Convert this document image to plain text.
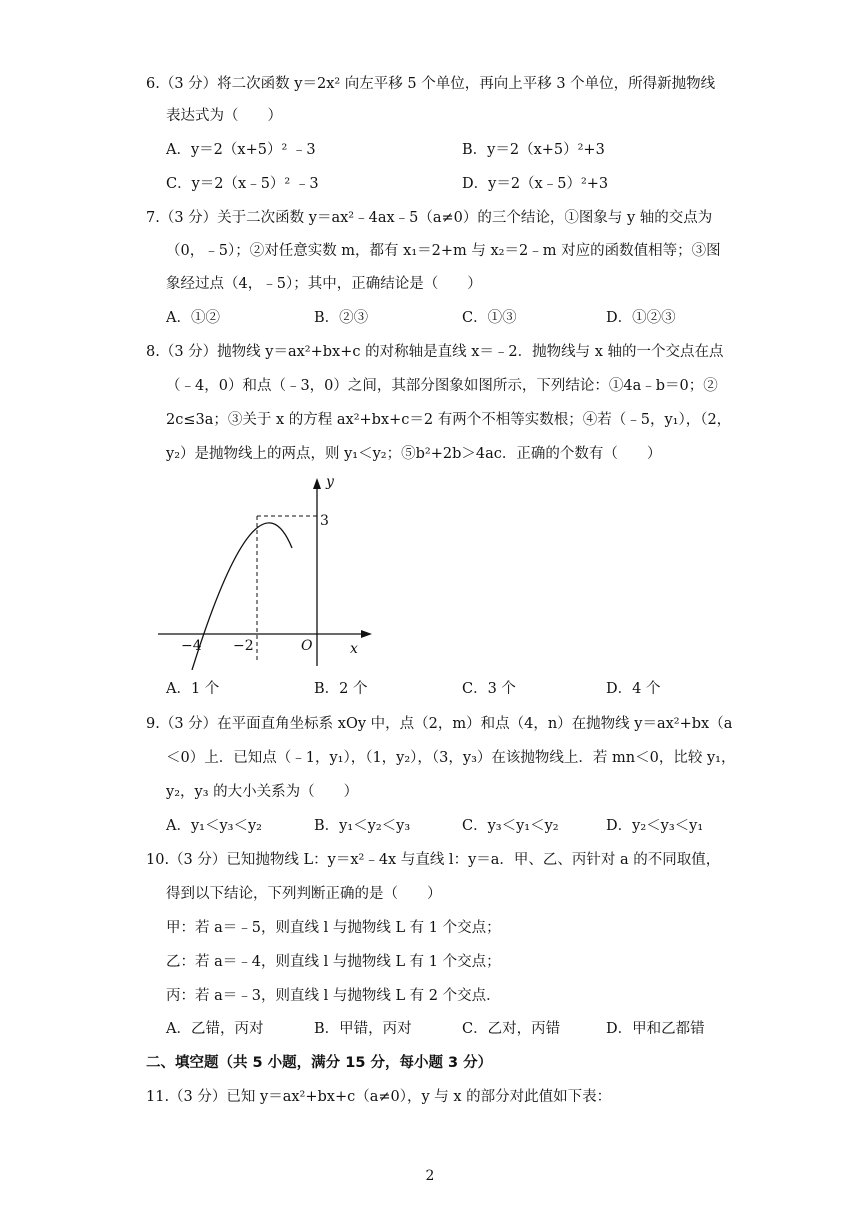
6.（3 分）将二次函数 y＝2x² 向左平移 5 个单位，再向上平移 3 个单位，所得新抛物线
表达式为（　　）
A．y＝2（x+5）² ﹣3	B．y＝2（x+5）²+3
C．y＝2（x﹣5）² ﹣3	D．y＝2（x﹣5）²+3
7.（3 分）关于二次函数 y＝ax²﹣4ax﹣5（a≠0）的三个结论，①图象与 y 轴的交点为
（0，﹣5）；②对任意实数 m，都有 x₁＝2+m 与 x₂＝2﹣m 对应的函数值相等；③图
象经过点（4，﹣5）；其中，正确结论是（　　）
A．①②	B．②③	C．①③	D．①②③
8.（3 分）抛物线 y＝ax²+bx+c 的对称轴是直线 x＝﹣2．抛物线与 x 轴的一个交点在点
（﹣4，0）和点（﹣3，0）之间，其部分图象如图所示，下列结论：①4a﹣b＝0；②
2c≤3a；③关于 x 的方程 ax²+bx+c＝2 有两个不相等实数根；④若（﹣5，y₁），（2，
y₂）是抛物线上的两点，则 y₁＜y₂；⑤b²+2b＞4ac．正确的个数有（　　）
y
x
O
−4 −2
3
A．1 个	B．2 个	C．3 个	D．4 个
9.（3 分）在平面直角坐标系 xOy 中，点（2，m）和点（4，n）在抛物线 y＝ax²+bx（a
＜0）上．已知点（﹣1，y₁），（1，y₂），（3，y₃）在该抛物线上．若 mn＜0，比较 y₁，
y₂，y₃ 的大小关系为（　　）
A．y₁＜y₃＜y₂	B．y₁＜y₂＜y₃	C．y₃＜y₁＜y₂	D．y₂＜y₃＜y₁
10.（3 分）已知抛物线 L：y＝x²﹣4x 与直线 l：y＝a．甲、乙、丙针对 a 的不同取值，
得到以下结论，下列判断正确的是（　　）
甲：若 a＝﹣5，则直线 l 与抛物线 L 有 1 个交点；
乙：若 a＝﹣4，则直线 l 与抛物线 L 有 1 个交点；
丙：若 a＝﹣3，则直线 l 与抛物线 L 有 2 个交点．
A．乙错，丙对	B．甲错，丙对	C．乙对，丙错	D．甲和乙都错
二、填空题（共 5 小题，满分 15 分，每小题 3 分）
11.（3 分）已知 y＝ax²+bx+c（a≠0），y 与 x 的部分对此值如下表：
2
